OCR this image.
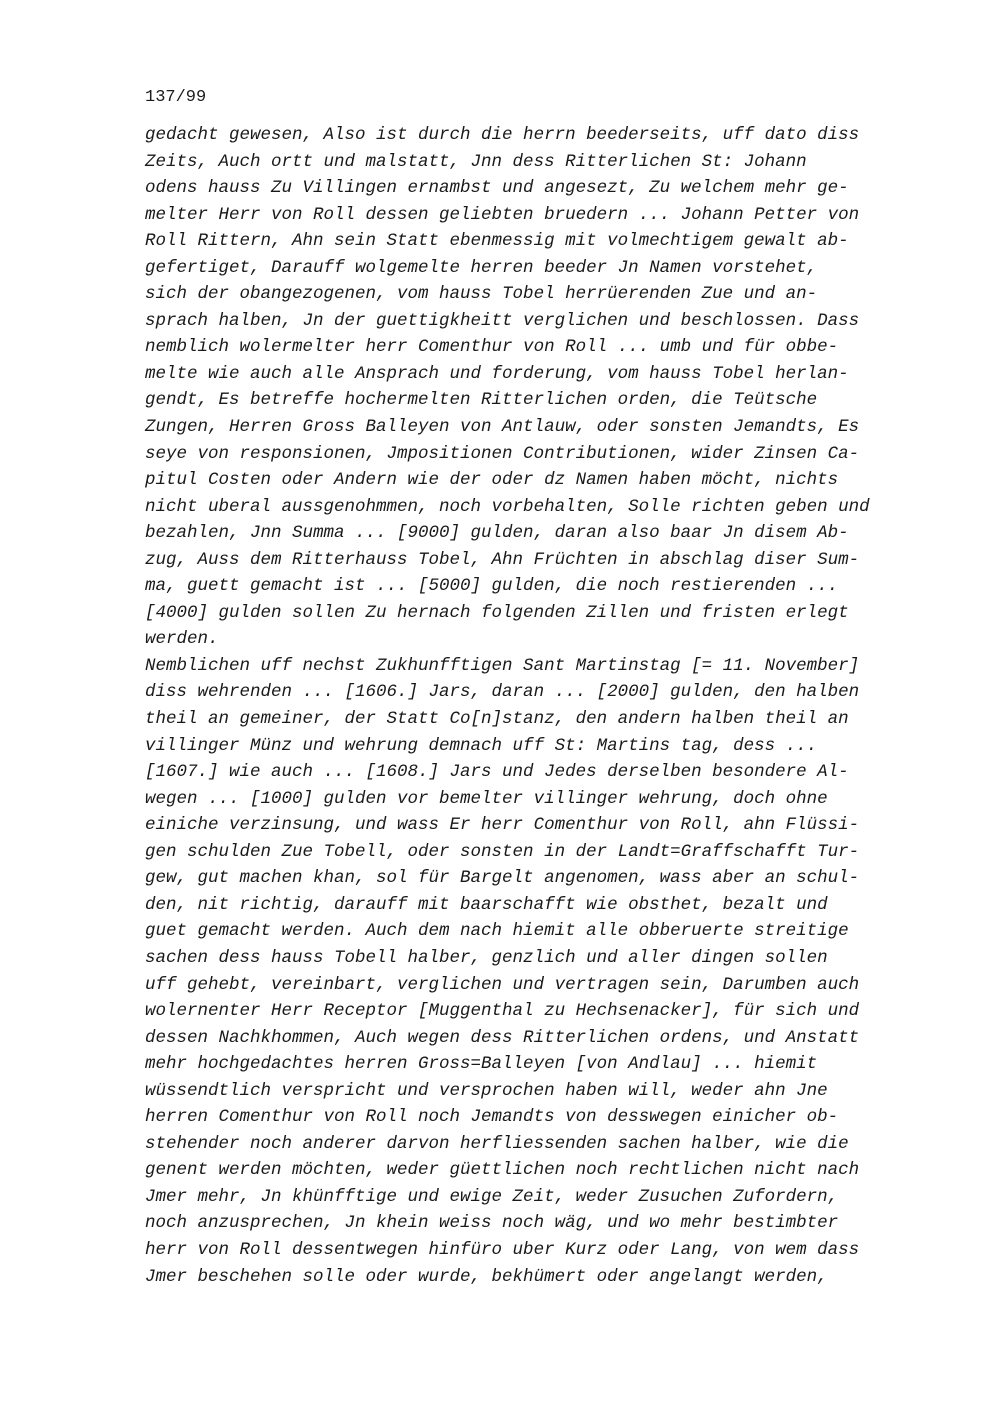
137/99
gedacht gewesen, Also ist durch die herrn beederseits, uff dato diss
Zeits, Auch ortt und malstatt, Jnn dess Ritterlichen St: Johann
odens hauss Zu Villingen ernambst und angesezt, Zu welchem mehr ge-
melter Herr von Roll dessen geliebten bruedern ... Johann Petter von
Roll Rittern, Ahn sein Statt ebenmessig mit volmechtigem gewalt ab-
gefertiget, Darauff wolgemelte herren beeder Jn Namen vorstehet,
sich der obangezogenen, vom hauss Tobel herrüerenden Zue und an-
sprach halben, Jn der guettigkheitt verglichen und beschlossen. Dass
nemblich wolermelter herr Comenthur von Roll ... umb und für obbe-
melte wie auch alle Ansprach und forderung, vom hauss Tobel herlan-
gendt, Es betreffe hochermelten Ritterlichen orden, die Teütsche
Zungen, Herren Gross Balleyen von Antlauw, oder sonsten Jemandts, Es
seye von responsionen, Jmpositionen Contributionen, wider Zinsen Ca-
pitul Costen oder Andern wie der oder dz Namen haben möcht, nichts
nicht uberal aussgenohmmen, noch vorbehalten, Solle richten geben und
bezahlen, Jnn Summa ... [9000] gulden, daran also baar Jn disem Ab-
zug, Auss dem Ritterhauss Tobel, Ahn Früchten in abschlag diser Sum-
ma, guett gemacht ist ... [5000] gulden, die noch restierenden ...
[4000] gulden sollen Zu hernach folgenden Zillen und fristen erlegt
werden.
Nemblichen uff nechst Zukhunfftigen Sant Martinstag [= 11. November]
diss wehrenden ... [1606.] Jars, daran ... [2000] gulden, den halben
theil an gemeiner, der Statt Co[n]stanz, den andern halben theil an
villinger Münz und wehrung demnach uff St: Martins tag, dess ...
[1607.] wie auch ... [1608.] Jars und Jedes derselben besondere Al-
wegen ... [1000] gulden vor bemelter villinger wehrung, doch ohne
einiche verzinsung, und wass Er herr Comenthur von Roll, ahn Flüssi-
gen schulden Zue Tobell, oder sonsten in der Landt=Graffschafft Tur-
gew, gut machen khan, sol für Bargelt angenomen, wass aber an schul-
den, nit richtig, darauff mit baarschafft wie obsthet, bezalt und
guet gemacht werden. Auch dem nach hiemit alle obberuerte streitige
sachen dess hauss Tobell halber, genzlich und aller dingen sollen
uff gehebt, vereinbart, verglichen und vertragen sein, Darumben auch
wolernenter Herr Receptor [Muggenthal zu Hechsenacker], für sich und
dessen Nachkhommen, Auch wegen dess Ritterlichen ordens, und Anstatt
mehr hochgedachtes herren Gross=Balleyen [von Andlau] ... hiemit
wüssendtlich verspricht und versprochen haben will, weder ahn Jne
herren Comenthur von Roll noch Jemandts von desswegen einicher ob-
stehender noch anderer darvon herfliessenden sachen halber, wie die
genent werden möchten, weder güettlichen noch rechtlichen nicht nach
Jmer mehr, Jn khünfftige und ewige Zeit, weder Zusuchen Zufordern,
noch anzusprechen, Jn khein weiss noch wäg, und wo mehr bestimbter
herr von Roll dessentwegen hinfüro uber Kurz oder Lang, von wem dass
Jmer beschehen solle oder wurde, bekhümert oder angelangt werden,
